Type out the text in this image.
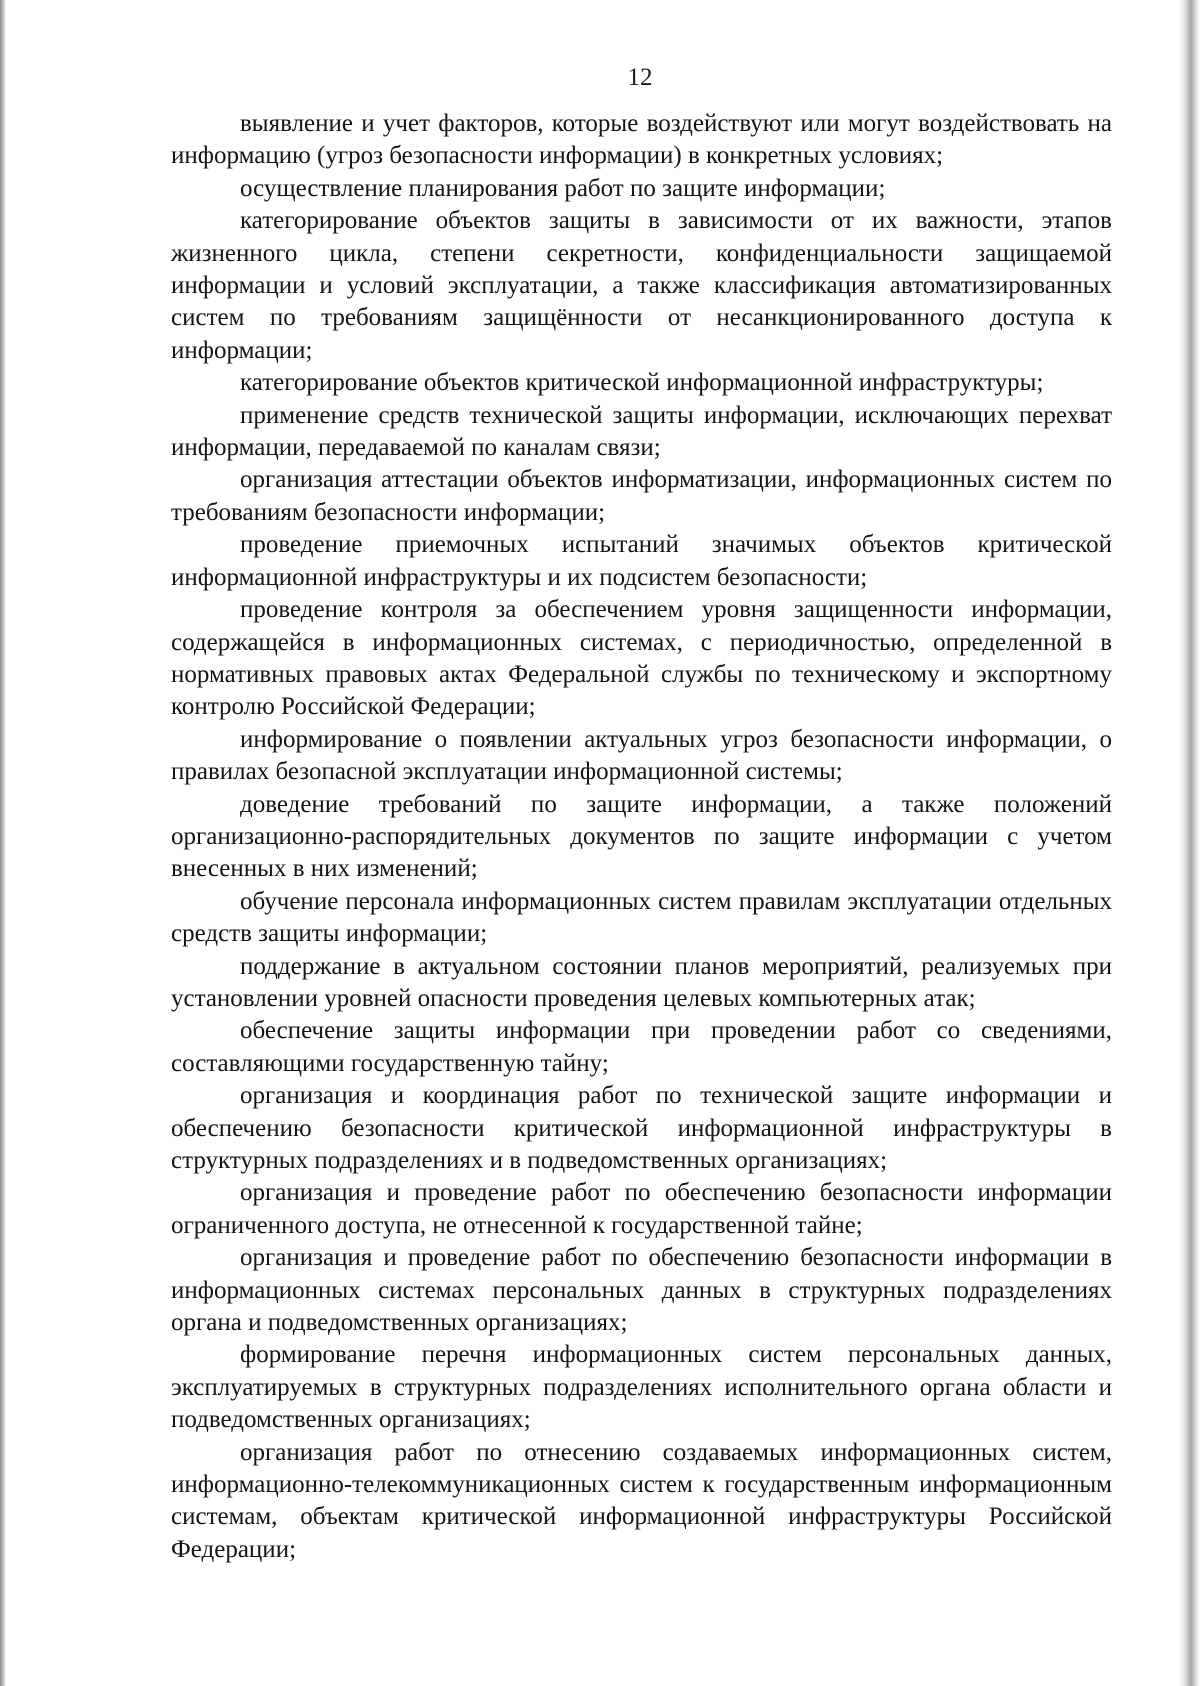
12

выявление и учет факторов, которые воздействуют или могут воздействовать на информацию (угроз безопасности информации) в конкретных условиях;

осуществление планирования работ по защите информации;

категорирование объектов защиты в зависимости от их важности, этапов жизненного цикла, степени секретности, конфиденциальности защищаемой информации и условий эксплуатации, а также классификация автоматизированных систем по требованиям защищённости от несанкционированного доступа к информации;

категорирование объектов критической информационной инфраструктуры;

применение средств технической защиты информации, исключающих перехват информации, передаваемой по каналам связи;

организация аттестации объектов информатизации, информационных систем по требованиям безопасности информации;

проведение приемочных испытаний значимых объектов критической информационной инфраструктуры и их подсистем безопасности;

проведение контроля за обеспечением уровня защищенности информации, содержащейся в информационных системах, с периодичностью, определенной в нормативных правовых актах Федеральной службы по техническому и экспортному контролю Российской Федерации;

информирование о появлении актуальных угроз безопасности информации, о правилах безопасной эксплуатации информационной системы;

доведение требований по защите информации, а также положений организационно-распорядительных документов по защите информации с учетом внесенных в них изменений;

обучение персонала информационных систем правилам эксплуатации отдельных средств защиты информации;

поддержание в актуальном состоянии планов мероприятий, реализуемых при установлении уровней опасности проведения целевых компьютерных атак;

обеспечение защиты информации при проведении работ со сведениями, составляющими государственную тайну;

организация и координация работ по технической защите информации и обеспечению безопасности критической информационной инфраструктуры в структурных подразделениях и в подведомственных организациях;

организация и проведение работ по обеспечению безопасности информации ограниченного доступа, не отнесенной к государственной тайне;

организация и проведение работ по обеспечению безопасности информации в информационных системах персональных данных в структурных подразделениях органа и подведомственных организациях;

формирование перечня информационных систем персональных данных, эксплуатируемых в структурных подразделениях исполнительного органа области и подведомственных организациях;

организация работ по отнесению создаваемых информационных систем, информационно-телекоммуникационных систем к государственным информационным системам, объектам критической информационной инфраструктуры Российской Федерации;
